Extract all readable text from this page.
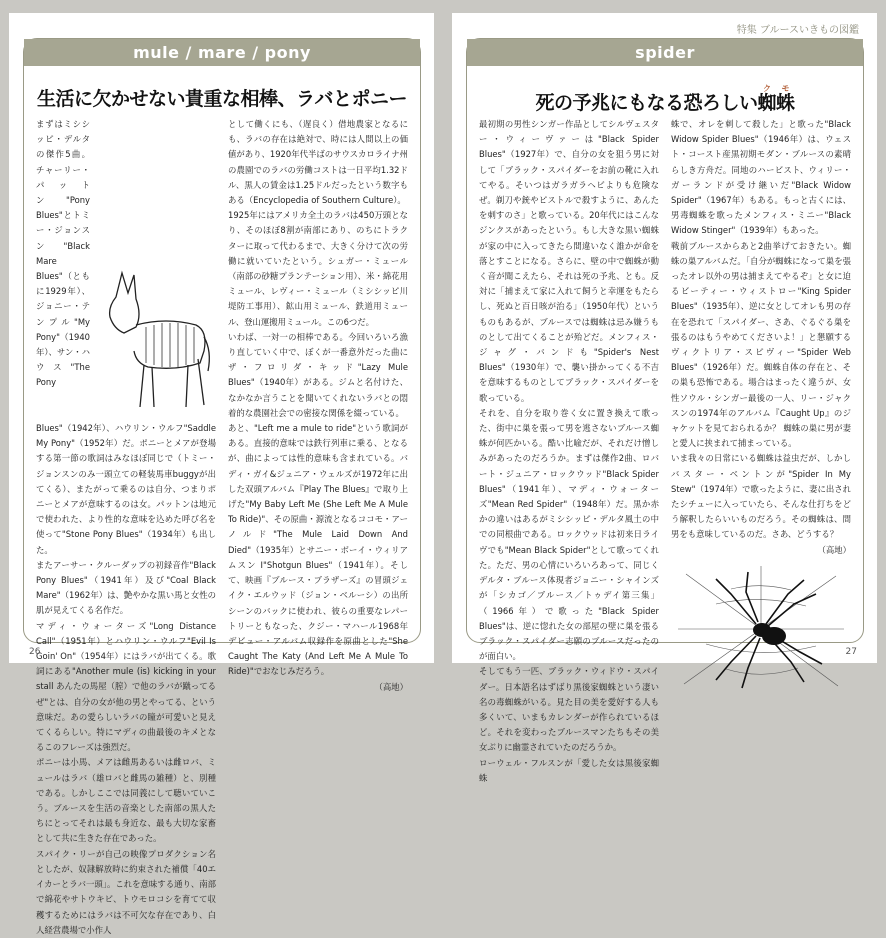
mule / mare / pony
生活に欠かせない貴重な相棒、ラバとポニー
まずはミシシッピ・デルタの傑作5曲。チャーリー・パットン"Pony Blues"とトミー・ジョンスン"Black Mare Blues"（ともに1929年）、ジョニー・テンプル"My Pony"（1940年）、サン・ハウス"The Pony Blues"（1942年）、ハウリン・ウルフ"Saddle My Pony"（1952年）だ。ポニーとメアが登場する第一節の歌詞はみなほぼ同じで（トミー・ジョンスンのみ一頭立ての軽装馬車buggyが出てくる）、またがって乗るのは自分、つまりポニーとメアが意味するのは女。パットンは地元で使われた、より性的な意味を込めた呼び名を使って"Stone Pony Blues"（1934年）も出した。
またアーサー・クルーダップの初録音作"Black Pony Blues"（1941年）及び"Coal Black Mare"（1962年）は、艶やかな黒い馬と女性の肌が見えてくる名作だ。
マディ・ウォーターズ"Long Distance Call"（1951年）とハウリン・ウルフ"Evil Is Goin' On"（1954年）にはラバが出てくる。歌詞にある"Another mule (is) kicking in your stall あんたの馬屋（膣）で他のラバが蹴ってるぜ"とは、自分の女が他の男とやってる、という意味だ。あの愛らしいラバの瞳が可愛いと見えてくるらしい。特にマディの曲最後のキメとなるこのフレーズは強烈だ。
ポニーは小馬、メアは雌馬あるいは雌ロバ、ミュールはラバ（雄ロバと雌馬の雑種）と、別種である。しかしここでは同義にして聴いていこう。ブルースを生活の音楽とした南部の黒人たちにとってそれは最も身近な、最も大切な家畜として共に生きた存在であった。
スパイク・リーが自己の映像プロダクション名としたが、奴隷解放時に約束された補償「40エイカーとラバ一頭」。これを意味する通り、南部で綿花やサトウキビ、トウモロコシを育てて収穫するためにはラバは不可欠な存在であり、白人経営農場で小作人
として働くにも、（遅良く）借地農家となるにも、ラバの存在は絶対で、時には人間以上の価値があり、1920年代半ばのサウスカロライナ州の農園でのラバの労働コストは一日平均1.32ドル、黒人の賃金は1.25ドルだったという数字もある（Encyclopedia of Southern Culture）。
1925年にはアメリカ全土のラバは450万頭となり、そのほぼ8割が南部にあり、のちにトラクターに取って代わるまで、大きく分けて次の労働に就いていたという。シュガー・ミュール（南部の砂糖プランテーション用）、米・綿花用ミュール、レヴィー・ミュール（ミシシッピ川堤防工事用）、鉱山用ミュール、鉄道用ミュール、登山運搬用ミュール。この6つだ。
いわば、一対一の相棒である。今回いろいろ漁り直していく中で、ぼくが一番意外だった曲にザ・フロリダ・キッド"Lazy Mule Blues"（1940年）がある。ジムと名付けた、なかなか言うことを聞いてくれないラバとの悶着的な農園社会での密接な関係を綴っている。
あと、"Left me a mule to ride"という歌詞がある。直接的意味では鉄行列車に乗る、となるが、曲によっては性的意味も含まれている。バディ・ガイ&ジュニア・ウェルズが1972年に出した双頭アルバム『Play The Blues』で取り上げた"My Baby Left Me (She Left Me A Mule To Ride)"、その原曲・源流となるココモ・アーノルド"The Mule Laid Down And Died"（1935年）とサニー・ボーイ・ウィリアムスン I"Shotgun Blues"（1941年）。そして、映画『ブルース・ブラザーズ』の冒頭ジェイク・エルウッド（ジョン・ベルーシ）の出所シーンのバックに使われ、彼らの重要なレパートリーともなった、クジー・マハール1968年デビュー・アルバム収録作を原曲とした"She Caught The Katy (And Left Me A Mule To Ride)"でおなじみだろう。
（高地）
26
特集 ブルースいきもの図鑑
spider
死の予兆にもなる恐ろしい蜘蛛クモ
最初期の男性シンガー作品としてシルヴェスター・ウィーヴァーは"Black Spider Blues"（1927年）で、自分の女を狙う男に対して「ブラック・スパイダーをお前の靴に入れてやる。そいつはガラガラヘビよりも危険なぜ。剃刀や銃やピストルで殺すように、あんたを刺すのさ」と歌っている。20年代にはこんなジンクスがあったという。もし大きな黒い蜘蛛が家の中に入ってきたら間違いなく誰かが命を落とすことになる。さらに、壁の中で蜘蛛が動く音が聞こえたら、それは死の予兆、とも。反対に「捕まえて家に入れて飼うと幸運をもたらし、死ぬと百日咳が治る」（1950年代）というものもあるが、ブルースでは蜘蛛は忌み嫌うものとして出てくることが殆どだ。メンフィス・ジャグ・バンドも"Spider's Nest Blues"（1930年）で、襲い掛かってくる不吉を意味するものとしてブラック・スパイダーを歌っている。
それを、自分を取り巻く女に置き換えて歌った、街中に巣を張って男を逃さないブルース蜘蛛が何匹かいる。酷い比喩だが、それだけ憎しみがあったのだろうか。まずは傑作2曲、ロバート・ジュニア・ロックウッド"Black Spider Blues"（1941年）、マディ・ウォーターズ"Mean Red Spider"（1948年）だ。黒か赤かの違いはあるがミシシッピ・デルタ風土の中での同根曲である。ロックウッドは初来日ライヴでも"Mean Black Spider"として歌ってくれた。ただ、男の心情にいろいろあって、同じくデルタ・ブルース体現者ジョニー・シャインズが「シカゴ／ブルース／トゥデイ第三集」（1966年）で歌った"Black Spider Blues"は、逆に惚れた女の部屋の壁に巣を張るブラック・スパイダー志願のブルースだったのが面白い。
そしてもう一匹、ブラック・ウィドウ・スパイダー。日本語名はずばり黒後家蜘蛛という凄い名の毒蜘蛛がいる。見た目の美を愛好する人も多くいて、いまもカレンダーが作られているほど。それを変わったブルースマンたちもその美女ぶりに幽霊されていたのだろうか。
ローウェル・フルスンが「愛した女は黒後家蜘蛛
蛛で、オレを刺して殺した」と歌った"Black Widow Spider Blues"（1946年）は、ウェスト・コースト産黒初期モダン・ブルースの素晴らしき方舟だ。同地のハービスト、ウィリー・ガーランドが受け継いだ"Black Widow Spider"（1967年）もある。もっと古くには、男毒蜘蛛を歌ったメンフィス・ミニー"Black Widow Stinger"（1939年）もあった。
戦前ブルースからあと2曲挙げておきたい。蜘蛛の巣アルバムだ。「自分が蜘蛛になって巣を張ったオレ以外の男は捕まえてやるぞ」と女に迫るビーティー・ウィストロー"King Spider Blues"（1935年）、逆に女としてオレも男の存在を恐れて「スパイダー、さあ、ぐるぐる巣を張るのはもうやめてくださいよ！」と懇願するヴィクトリア・スピヴィー"Spider Web Blues"（1926年）だ。蜘蛛自体の存在と、その巣も恐怖である。場合はまったく違うが、女性ソウル・シンガー最後の一人、リー・ジャクスンの1974年のアルバム『Caught Up』のジャケットを見ておられるか？ 蜘蛛の巣に男が妻と愛人に挟まれて捕まっている。
いま我々の日常にいる蜘蛛は益虫だが、しかしバスター・ベントンが"Spider In My Stew"（1974年）で歌ったように、妻に出されたシチューに入っていたら、そんな仕打ちをどう解釈したらいいものだろう。その蜘蛛は、間男をも意味しているのだ。さあ、どうする？
（高地）
27
